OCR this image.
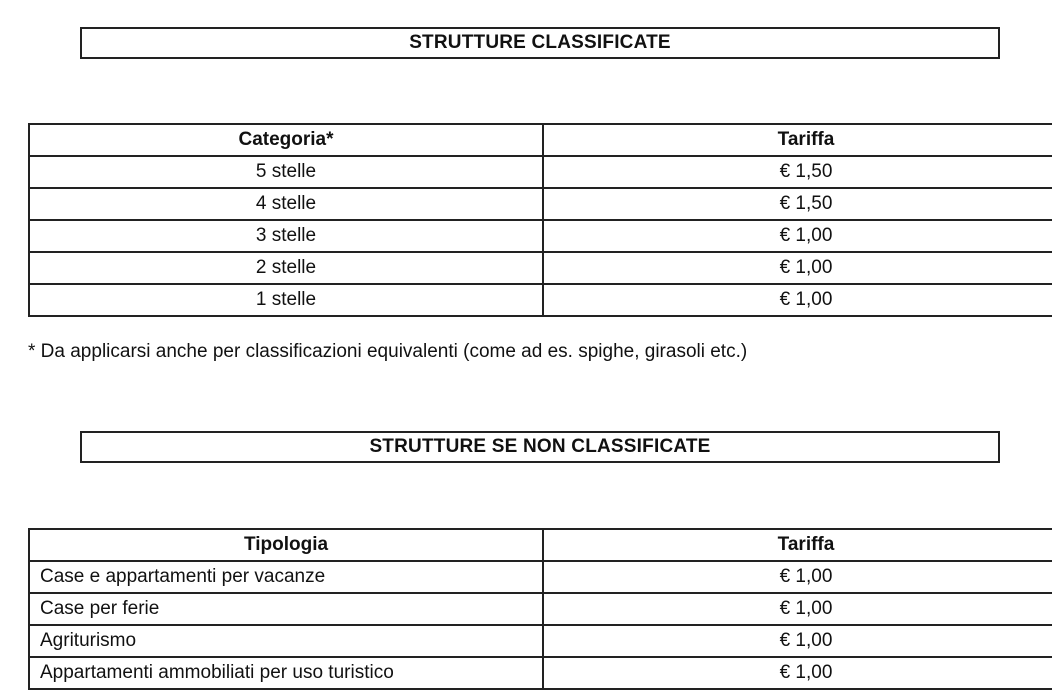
STRUTTURE CLASSIFICATE
Categoria*	Tariffa
5 stelle	€ 1,50
4 stelle	€ 1,50
3 stelle	€ 1,00
2 stelle	€ 1,00
1 stelle	€ 1,00
* Da applicarsi anche per classificazioni equivalenti (come ad es. spighe, girasoli etc.)
STRUTTURE SE NON CLASSIFICATE
Tipologia	Tariffa
Case e appartamenti per vacanze	€ 1,00
Case per ferie	€ 1,00
Agriturismo	€ 1,00
Appartamenti ammobiliati per uso turistico	€ 1,00
